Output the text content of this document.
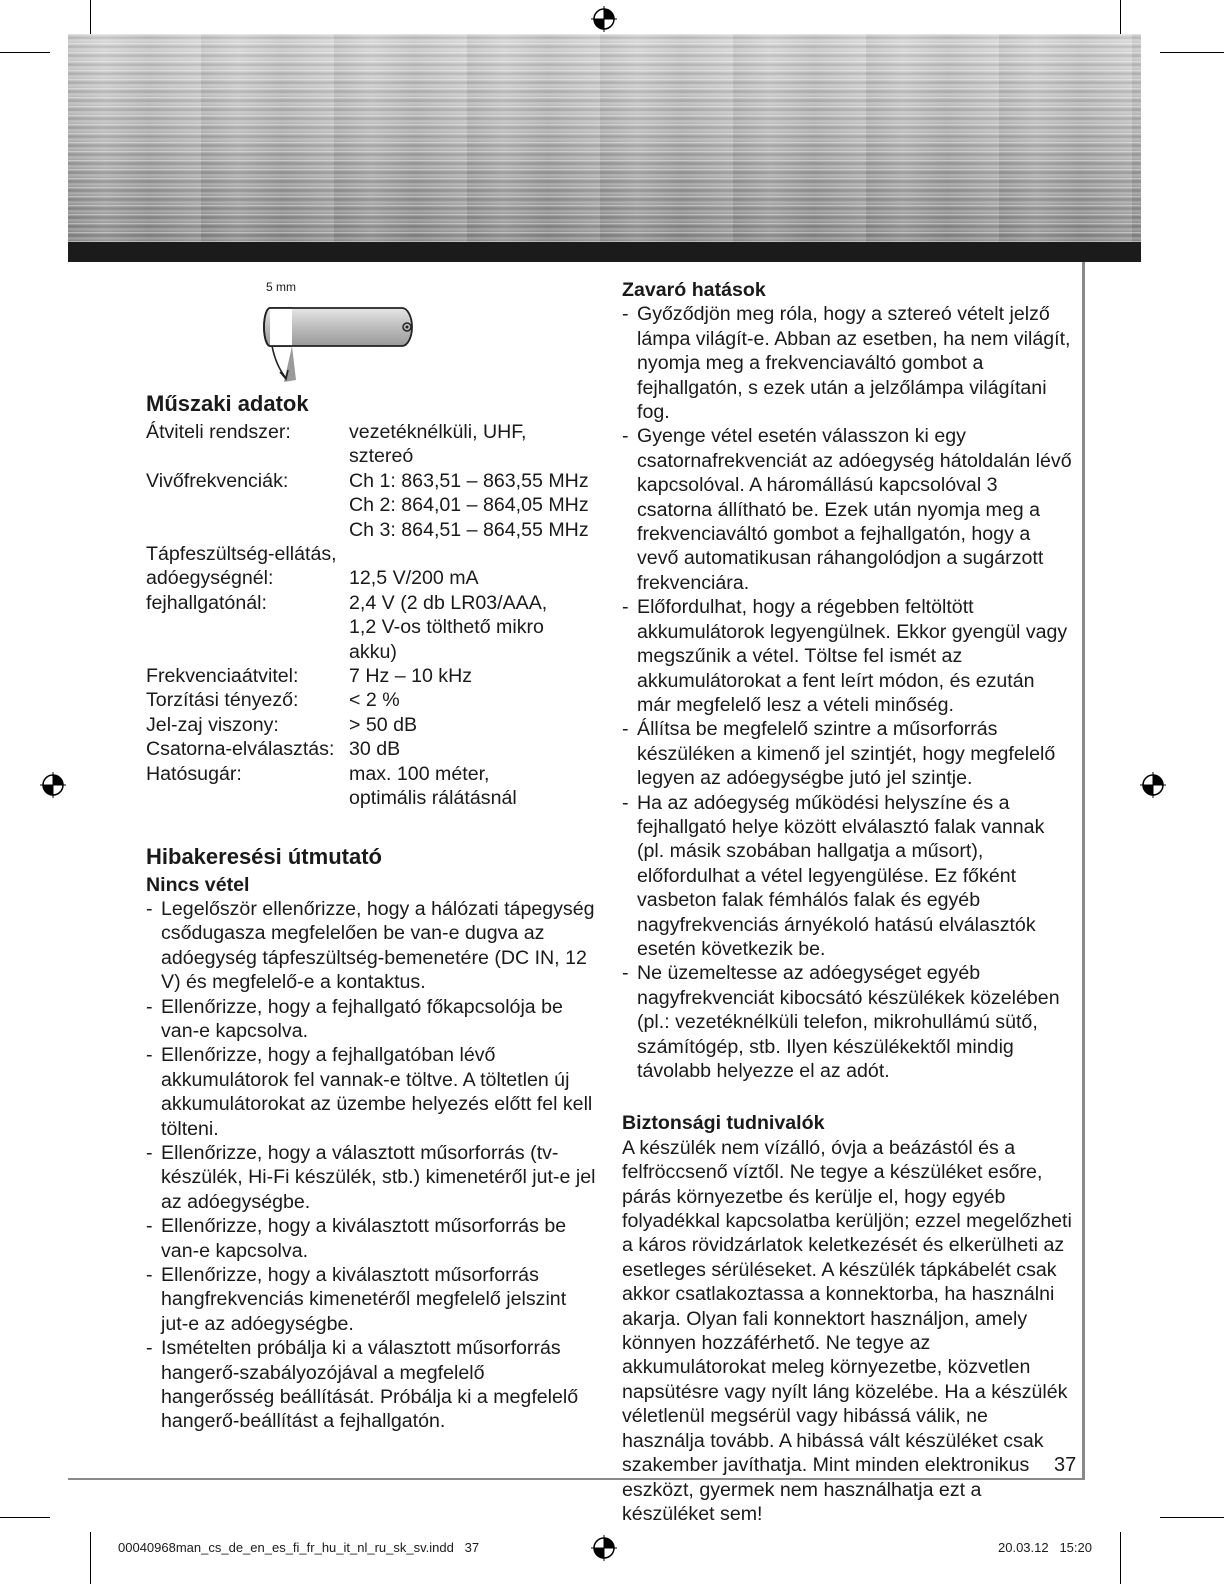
5 mm
Műszaki adatok
Átviteli rendszer:	vezetéknélküli, UHF, sztereó
Vivőfrekvenciák:	Ch 1: 863,51 – 863,55 MHz
Ch 2: 864,01 – 864,05 MHz
Ch 3: 864,51 – 864,55 MHz
Tápfeszültség-ellátás,
adóegységnél:	12,5 V/200 mA
fejhallgatónál:	2,4 V (2 db LR03/AAA,
1,2 V-os tölthető mikro akku)
Frekvenciaátvitel:	7 Hz – 10 kHz
Torzítási tényező:	< 2 %
Jel-zaj viszony:	> 50 dB
Csatorna-elválasztás: 30 dB
Hatósugár:	max. 100 méter,
optimális rálátásnál
Hibakeresési útmutató
Nincs vétel
- Legelőször ellenőrizze, hogy a hálózati tápegység csődugasza megfelelően be van-e dugva az adóegység tápfeszültség-bemenetére (DC IN, 12 V) és megfelelő-e a kontaktus.
- Ellenőrizze, hogy a fejhallgató főkapcsolója be van-e kapcsolva.
- Ellenőrizze, hogy a fejhallgatóban lévő akkumulátorok fel vannak-e töltve. A töltetlen új akkumulátorokat az üzembe helyezés előtt fel kell tölteni.
- Ellenőrizze, hogy a választott műsorforrás (tv-készülék, Hi-Fi készülék, stb.) kimenetéről jut-e jel az adóegységbe.
- Ellenőrizze, hogy a kiválasztott műsorforrás be van-e kapcsolva.
- Ellenőrizze, hogy a kiválasztott műsorforrás hangfrekvenciás kimenetéről megfelelő jelszint jut-e az adóegységbe.
- Ismételten próbálja ki a választott műsorforrás hangerő-szabályozójával a megfelelő hangerősség beállítását. Próbálja ki a megfelelő hangerő-beállítást a fejhallgatón.
Zavaró hatások
- Győződjön meg róla, hogy a sztereó vételt jelző lámpa világít-e. Abban az esetben, ha nem világít, nyomja meg a frekvenciaváltó gombot a fejhallgatón, s ezek után a jelzőlámpa világítani fog.
- Gyenge vétel esetén válasszon ki egy csatornafrekvenciát az adóegység hátoldalán lévő kapcsolóval. A háromállású kapcsolóval 3 csatorna állítható be. Ezek után nyomja meg a frekvenciaváltó gombot a fejhallgatón, hogy a vevő automatikusan ráhangolódjon a sugárzott frekvenciára.
- Előfordulhat, hogy a régebben feltöltött akkumulátorok legyengülnek. Ekkor gyengül vagy megszűnik a vétel. Töltse fel ismét az akkumulátorokat a fent leírt módon, és ezután már megfelelő lesz a vételi minőség.
- Állítsa be megfelelő szintre a műsorforrás készüléken a kimenő jel szintjét, hogy megfelelő legyen az adóegységbe jutó jel szintje.
- Ha az adóegység működési helyszíne és a fejhallgató helye között elválasztó falak vannak (pl. másik szobában hallgatja a műsort), előfordulhat a vétel legyengülése. Ez főként vasbeton falak fémhálós falak és egyéb nagyfrekvenciás árnyékoló hatású elválasztók esetén következik be.
- Ne üzemeltesse az adóegységet egyéb nagyfrekvenciát kibocsátó készülékek közelében (pl.: vezetéknélküli telefon, mikrohullámú sütő, számítógép, stb. Ilyen készülékektől mindig távolabb helyezze el az adót.
Biztonsági tudnivalók

A készülék nem vízálló, óvja a beázástól és a felfröccsenő víztől. Ne tegye a készüléket esőre, párás környezetbe és kerülje el, hogy egyéb folyadékkal kapcsolatba kerüljön; ezzel megelőzheti a káros rövidzárlatok keletkezését és elkerülheti az esetleges sérüléseket. A készülék tápkábelét csak akkor csatlakoztassa a konnektorba, ha használni akarja. Olyan fali konnektort használjon, amely könnyen hozzáférhető. Ne tegye az akkumulátorokat meleg környezetbe, közvetlen napsütésre vagy nyílt láng közelébe. Ha a készülék véletlenül megsérül vagy hibássá válik, ne használja tovább. A hibássá vált készüléket csak szakember javíthatja. Mint minden elektronikus eszközt, gyermek nem használhatja ezt a készüléket sem!

37
00040968man_cs_de_en_es_fi_fr_hu_it_nl_ru_sk_sv.indd   37	20.03.12   15:20
